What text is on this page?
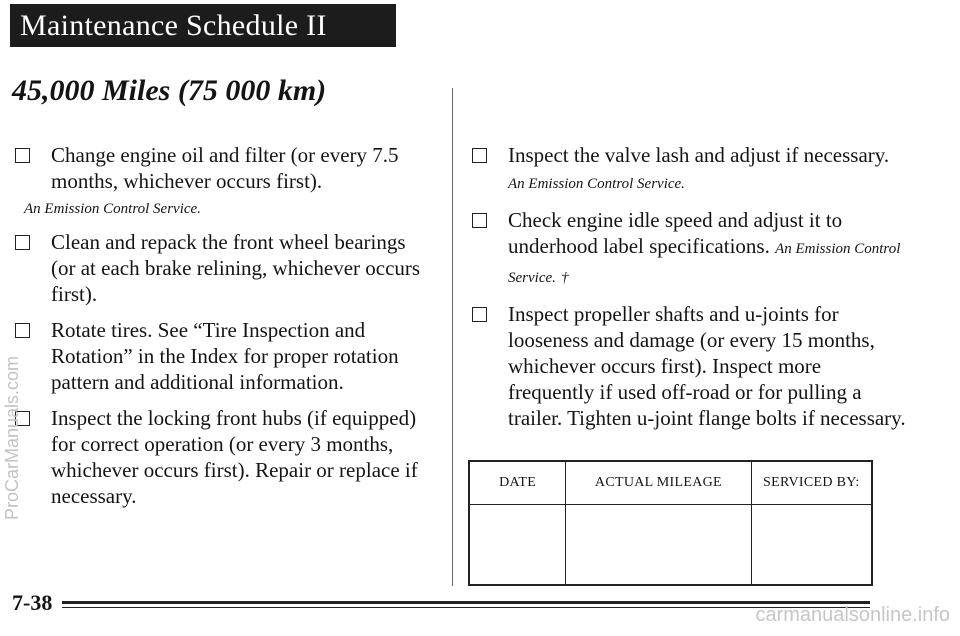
Maintenance Schedule II
45,000 Miles (75 000 km)
Change engine oil and filter (or every 7.5 months, whichever occurs first).
An Emission Control Service.
Clean and repack the front wheel bearings (or at each brake relining, whichever occurs first).
Rotate tires. See “Tire Inspection and Rotation” in the Index for proper rotation pattern and additional information.
Inspect the locking front hubs (if equipped) for correct operation (or every 3 months, whichever occurs first). Repair or replace if necessary.
Inspect the valve lash and adjust if necessary. An Emission Control Service.
Check engine idle speed and adjust it to underhood label specifications. An Emission Control Service. †
Inspect propeller shafts and u-joints for looseness and damage (or every 15 months, whichever occurs first). Inspect more frequently if used off-road or for pulling a trailer. Tighten u-joint flange bolts if necessary.
DATE	ACTUAL MILEAGE	SERVICED BY:

7-38
ProCarManuals.com
carmanualsonline.info
